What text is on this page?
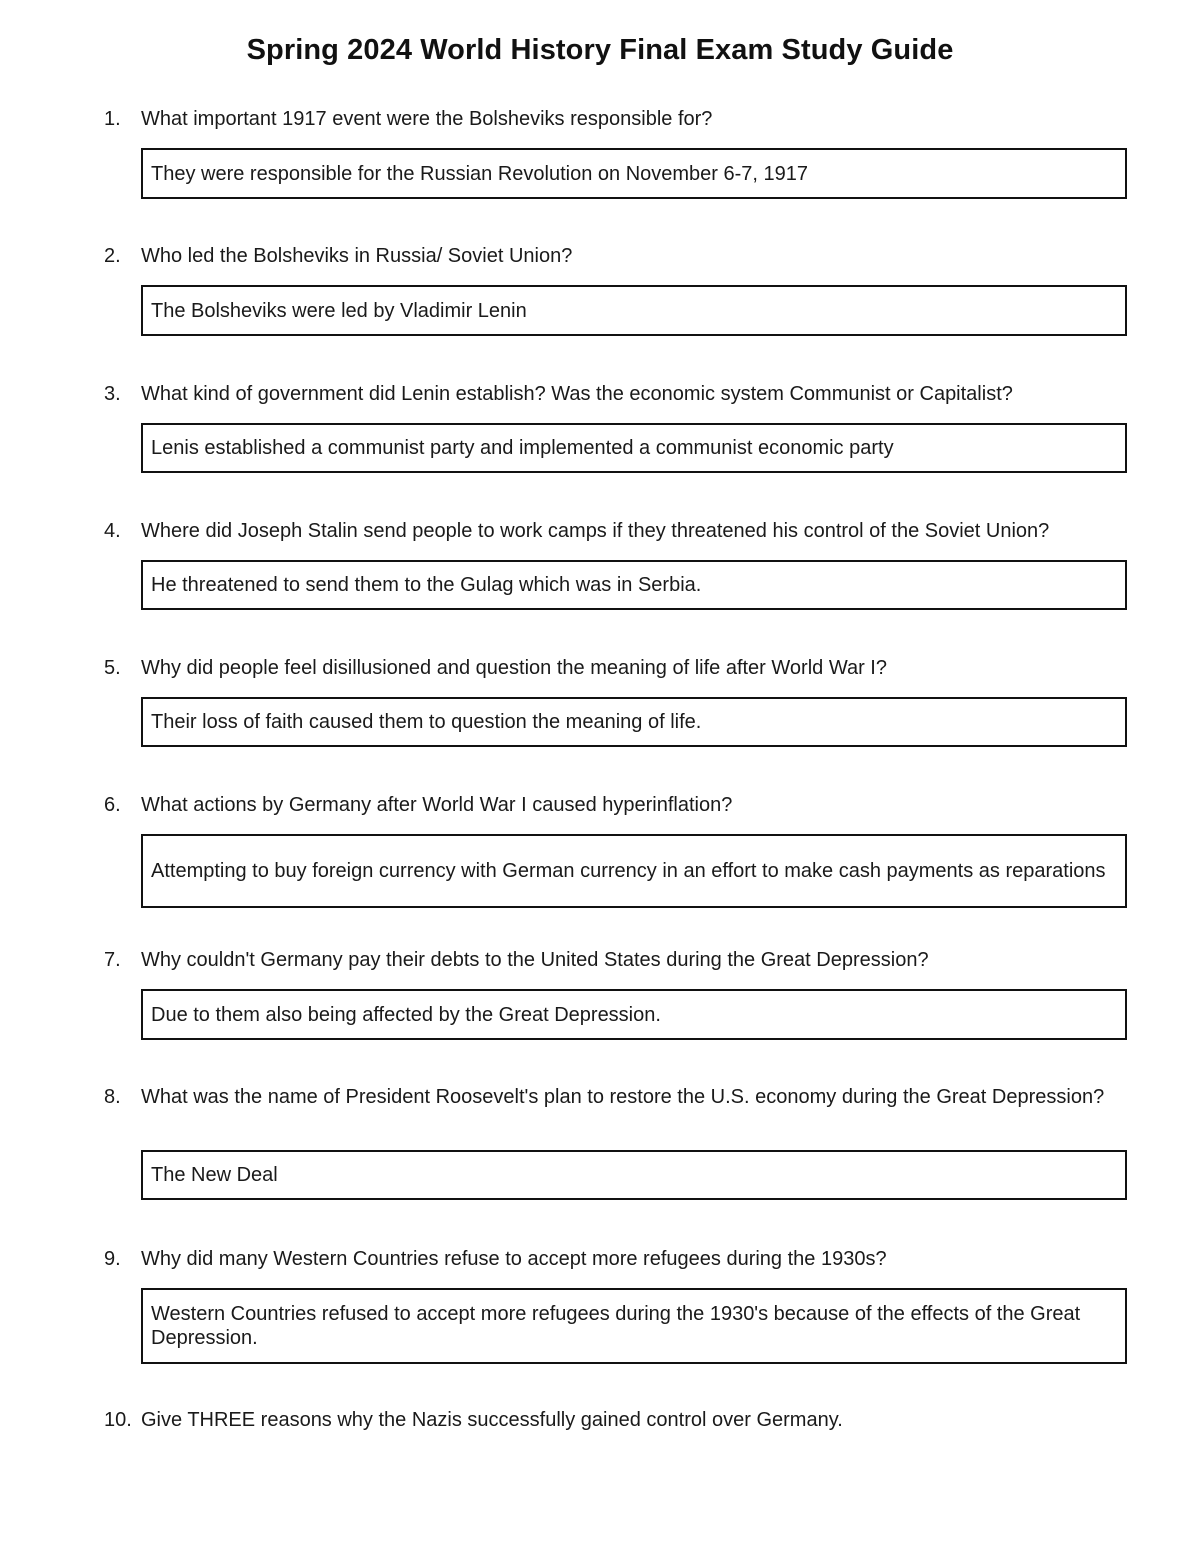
Spring 2024 World History Final Exam Study Guide
1.	What important 1917 event were the Bolsheviks responsible for?
They were responsible for the Russian Revolution on November 6-7, 1917
2.	Who led the Bolsheviks in Russia/ Soviet Union?
The Bolsheviks were led by Vladimir Lenin
3.	What kind of government did Lenin establish? Was the economic system Communist or Capitalist?
Lenis established a communist party and implemented a communist economic party
4.	Where did Joseph Stalin send people to work camps if they threatened his control of the Soviet Union?
He threatened to send them to the Gulag which was in Serbia.
5.	Why did people feel disillusioned and question the meaning of life after World War I?
Their loss of faith caused them to question the meaning of life.
6.	What actions by Germany after World War I caused hyperinflation?
Attempting to buy foreign currency with German currency in an effort to make cash payments as reparations
7.	Why couldn't Germany pay their debts to the United States during the Great Depression?
Due to them also being affected by the Great Depression.
8.	What was the name of President Roosevelt's plan to restore the U.S. economy during the Great Depression?
The New Deal
9.	Why did many Western Countries refuse to accept more refugees during the 1930s?
Western Countries refused to accept more refugees during the 1930's because of the effects of the Great Depression.
10. Give THREE reasons why the Nazis successfully gained control over Germany.
